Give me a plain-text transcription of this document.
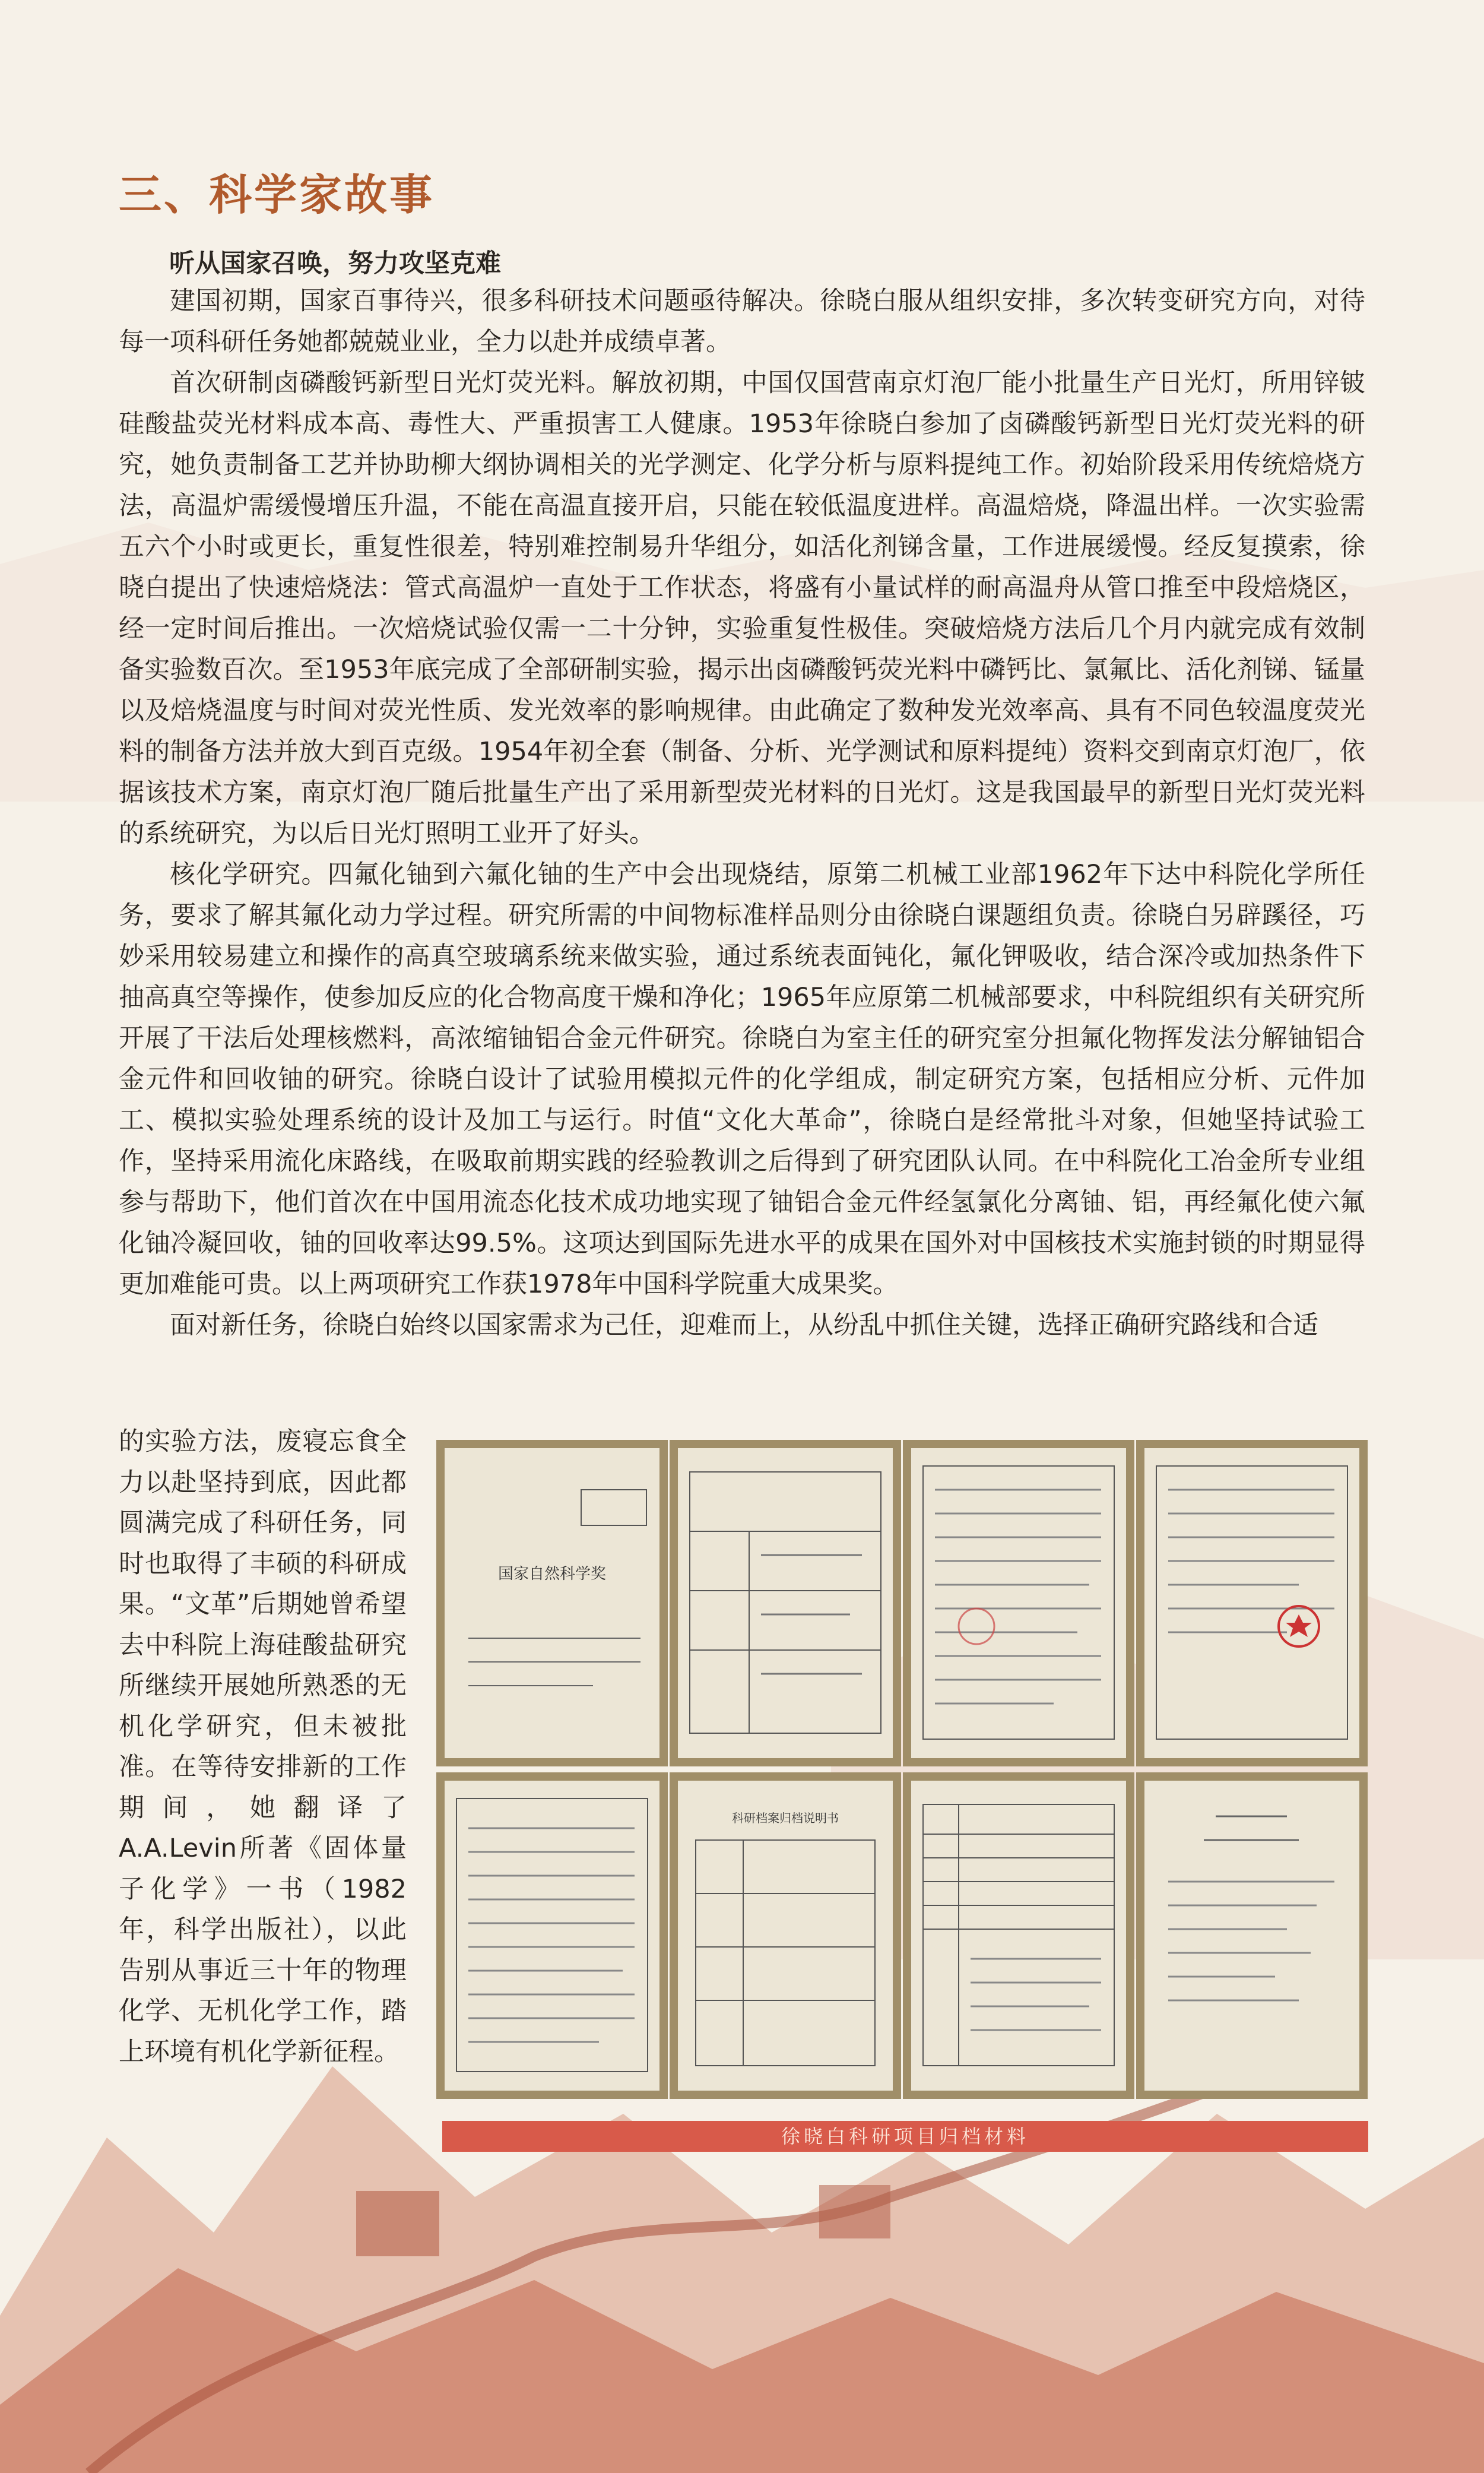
三、科学家故事
听从国家召唤，努力攻坚克难

建国初期，国家百事待兴，很多科研技术问题亟待解决。徐晓白服从组织安排，多次转变研究方向，对待每一项科研任务她都兢兢业业，全力以赴并成绩卓著。

首次研制卤磷酸钙新型日光灯荧光料。解放初期，中国仅国营南京灯泡厂能小批量生产日光灯，所用锌铍硅酸盐荧光材料成本高、毒性大、严重损害工人健康。1953年徐晓白参加了卤磷酸钙新型日光灯荧光料的研究，她负责制备工艺并协助柳大纲协调相关的光学测定、化学分析与原料提纯工作。初始阶段采用传统焙烧方法，高温炉需缓慢增压升温，不能在高温直接开启，只能在较低温度进样。高温焙烧，降温出样。一次实验需五六个小时或更长，重复性很差，特别难控制易升华组分，如活化剂锑含量，工作进展缓慢。经反复摸索，徐晓白提出了快速焙烧法：管式高温炉一直处于工作状态，将盛有小量试样的耐高温舟从管口推至中段焙烧区，经一定时间后推出。一次焙烧试验仅需一二十分钟，实验重复性极佳。突破焙烧方法后几个月内就完成有效制备实验数百次。至1953年底完成了全部研制实验，揭示出卤磷酸钙荧光料中磷钙比、氯氟比、活化剂锑、锰量以及焙烧温度与时间对荧光性质、发光效率的影响规律。由此确定了数种发光效率高、具有不同色较温度荧光料的制备方法并放大到百克级。1954年初全套（制备、分析、光学测试和原料提纯）资料交到南京灯泡厂，依据该技术方案，南京灯泡厂随后批量生产出了采用新型荧光材料的日光灯。这是我国最早的新型日光灯荧光料的系统研究，为以后日光灯照明工业开了好头。

核化学研究。四氟化铀到六氟化铀的生产中会出现烧结，原第二机械工业部1962年下达中科院化学所任务，要求了解其氟化动力学过程。研究所需的中间物标准样品则分由徐晓白课题组负责。徐晓白另辟蹊径，巧妙采用较易建立和操作的高真空玻璃系统来做实验，通过系统表面钝化，氟化钾吸收，结合深冷或加热条件下抽高真空等操作，使参加反应的化合物高度干燥和净化；1965年应原第二机械部要求，中科院组织有关研究所开展了干法后处理核燃料，高浓缩铀铝合金元件研究。徐晓白为室主任的研究室分担氟化物挥发法分解铀铝合金元件和回收铀的研究。徐晓白设计了试验用模拟元件的化学组成，制定研究方案，包括相应分析、元件加工、模拟实验处理系统的设计及加工与运行。时值“文化大革命”，徐晓白是经常批斗对象，但她坚持试验工作，坚持采用流化床路线，在吸取前期实践的经验教训之后得到了研究团队认同。在中科院化工冶金所专业组参与帮助下，他们首次在中国用流态化技术成功地实现了铀铝合金元件经氢氯化分离铀、铝，再经氟化使六氟化铀冷凝回收，铀的回收率达99.5%。这项达到国际先进水平的成果在国外对中国核技术实施封锁的时期显得更加难能可贵。以上两项研究工作获1978年中国科学院重大成果奖。

面对新任务，徐晓白始终以国家需求为己任，迎难而上，从纷乱中抓住关键，选择正确研究路线和合适

的实验方法，废寝忘食全力以赴坚持到底，因此都圆满完成了科研任务，同时也取得了丰硕的科研成果。“文革”后期她曾希望去中科院上海硅酸盐研究所继续开展她所熟悉的无机化学研究，但未被批准。在等待安排新的工作期间，她翻译了A.A.Levin所著《固体量子化学》一书（1982年，科学出版社），以此告别从事近三十年的物理化学、无机化学工作，踏上环境有机化学新征程。
国家自然科学奖
科研档案归档说明书
徐晓白科研项目归档材料
